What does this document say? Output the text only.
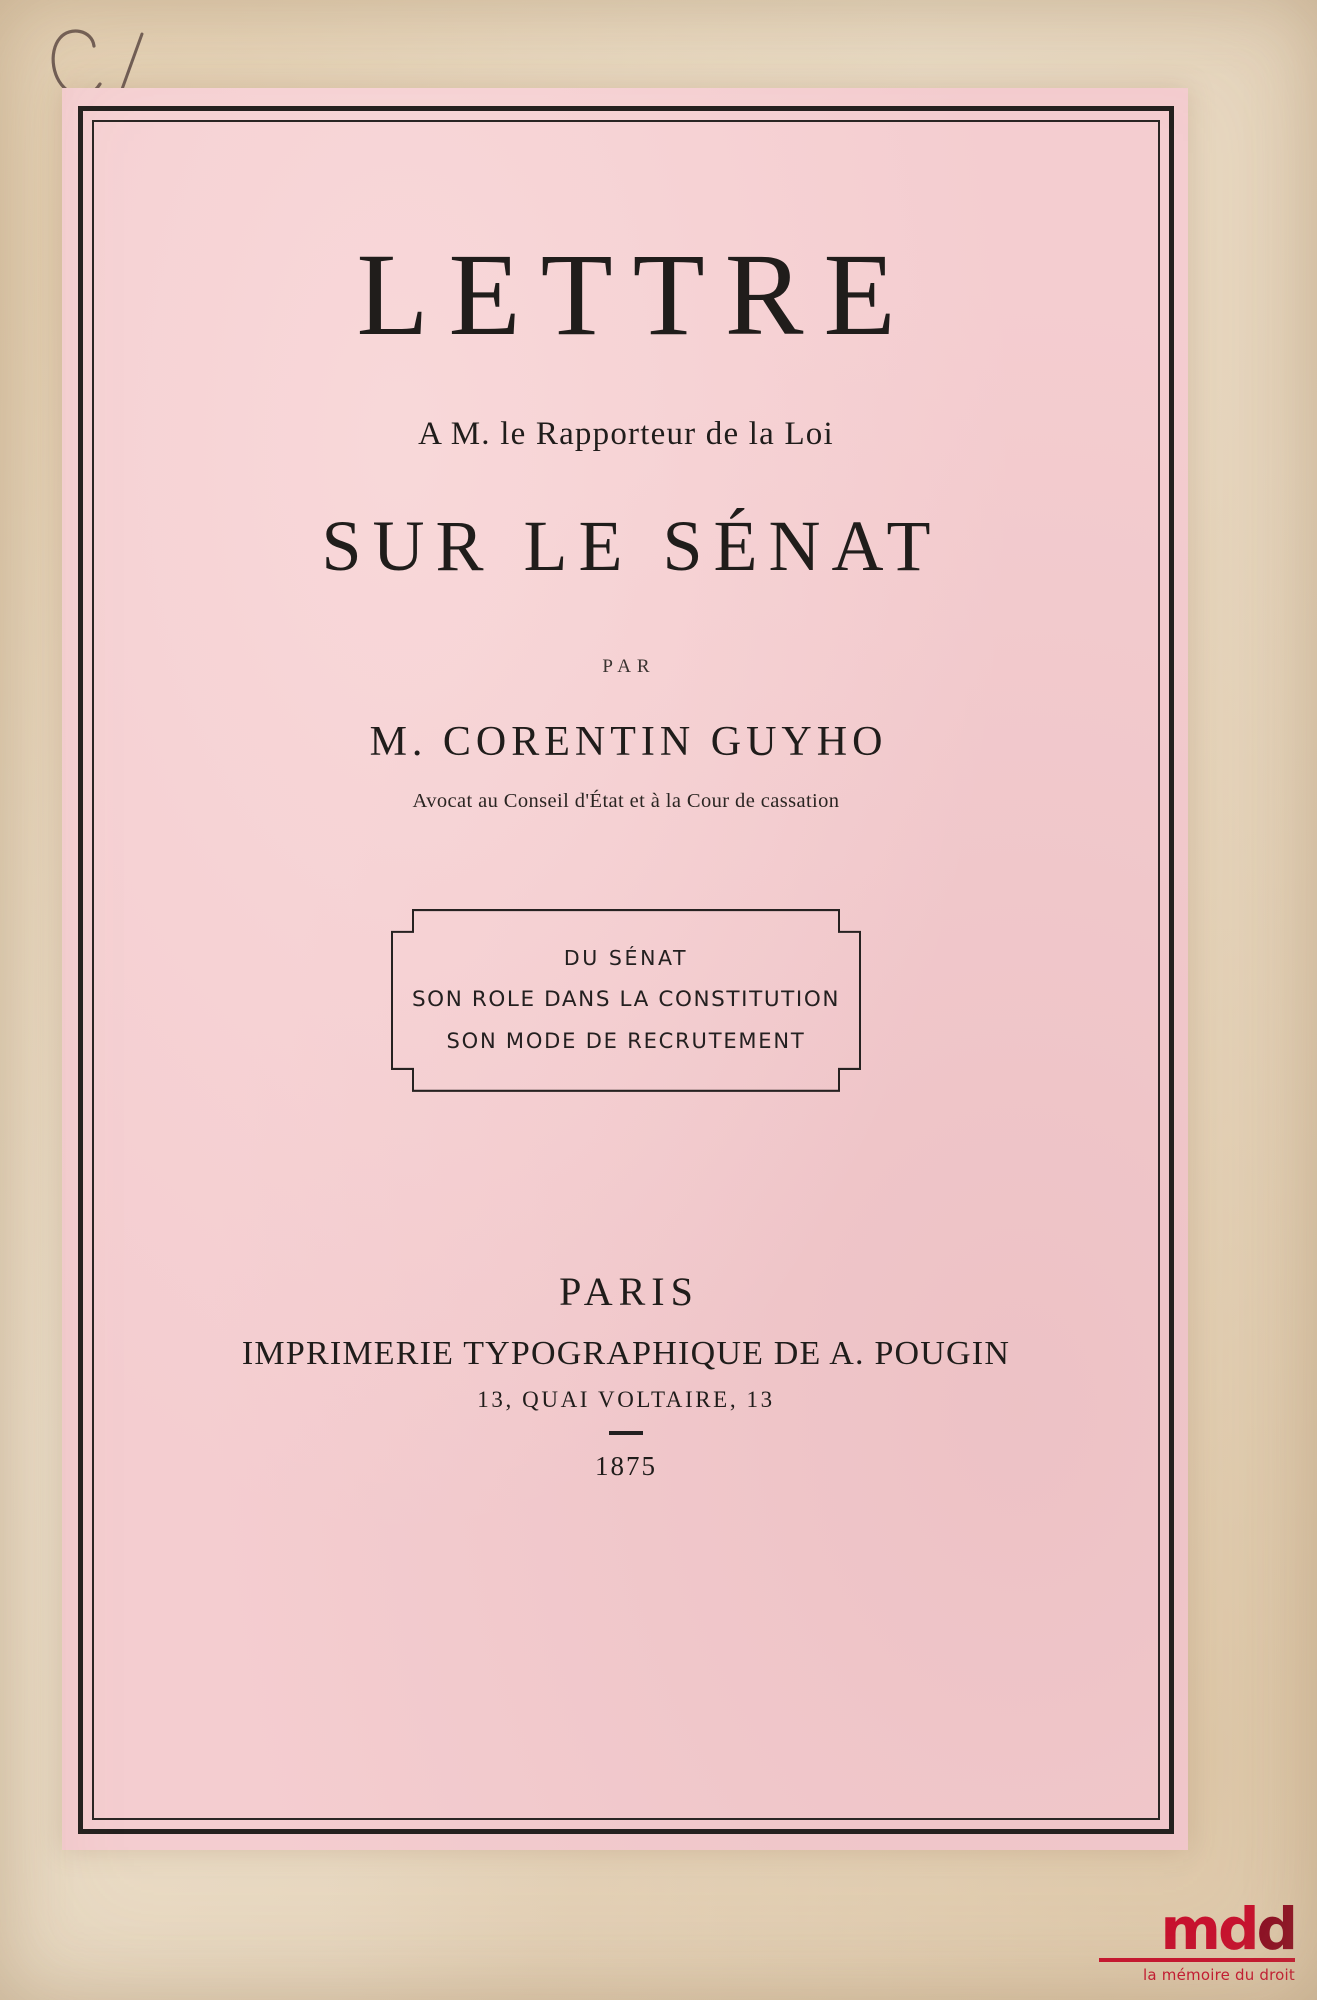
LETTRE
A M. le Rapporteur de la Loi
SUR LE SÉNAT
PAR
M. CORENTIN GUYHO
Avocat au Conseil d'État et à la Cour de cassation
DU SÉNAT
SON ROLE DANS LA CONSTITUTION
SON MODE DE RECRUTEMENT
PARIS
IMPRIMERIE TYPOGRAPHIQUE DE A. POUGIN
13, QUAI VOLTAIRE, 13
1875
mdd
la mémoire du droit
